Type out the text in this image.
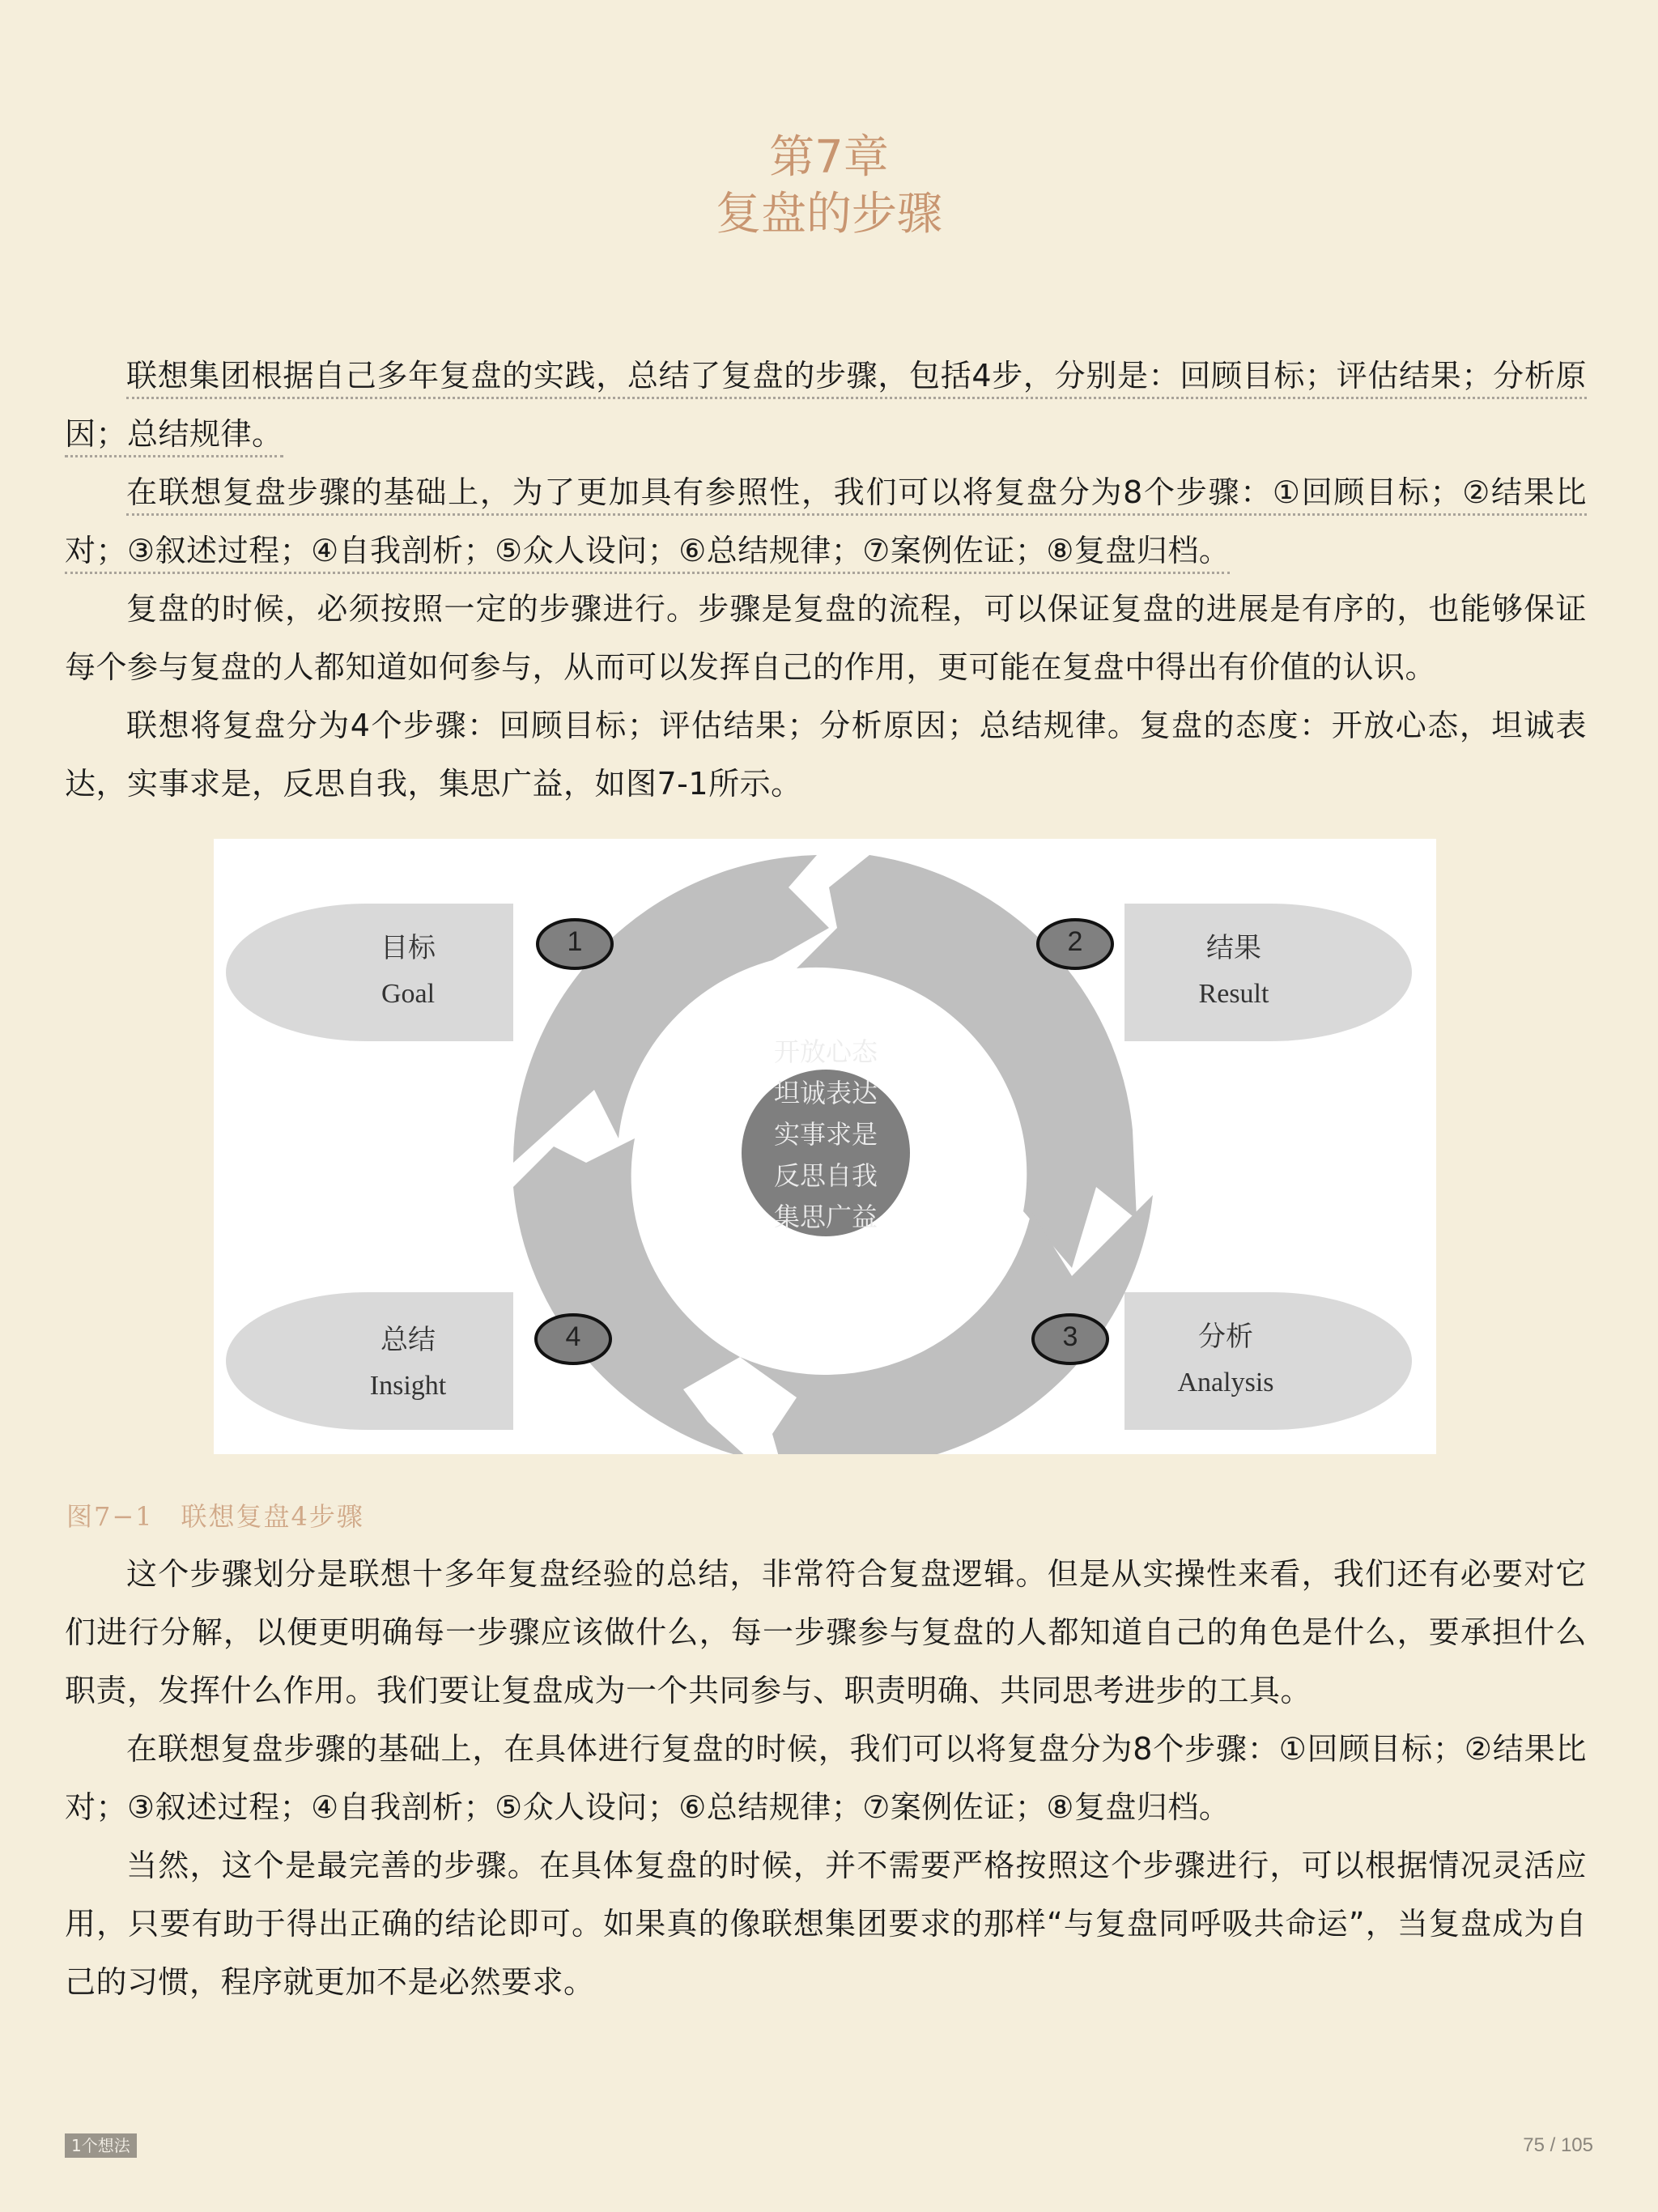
第7章
复盘的步骤

联想集团根据自己多年复盘的实践，总结了复盘的步骤，包括4步，分别是：回顾目标；评估结果；分析原因；总结规律。

在联想复盘步骤的基础上，为了更加具有参照性，我们可以将复盘分为8个步骤：①回顾目标；②结果比对；③叙述过程；④自我剖析；⑤众人设问；⑥总结规律；⑦案例佐证；⑧复盘归档。

复盘的时候，必须按照一定的步骤进行。步骤是复盘的流程，可以保证复盘的进展是有序的，也能够保证每个参与复盘的人都知道如何参与，从而可以发挥自己的作用，更可能在复盘中得出有价值的认识。

联想将复盘分为4个步骤：回顾目标；评估结果；分析原因；总结规律。复盘的态度：开放心态，坦诚表达，实事求是，反思自我，集思广益，如图7-1所示。

1	2
3
4
目标
Goal
结果
Result
分析
Analysis
总结
Insight
开放心态
坦诚表达
实事求是
反思自我
集思广益
图7−1 联想复盘4步骤

这个步骤划分是联想十多年复盘经验的总结，非常符合复盘逻辑。但是从实操性来看，我们还有必要对它们进行分解，以便更明确每一步骤应该做什么，每一步骤参与复盘的人都知道自己的角色是什么，要承担什么职责，发挥什么作用。我们要让复盘成为一个共同参与、职责明确、共同思考进步的工具。

在联想复盘步骤的基础上，在具体进行复盘的时候，我们可以将复盘分为8个步骤：①回顾目标；②结果比对；③叙述过程；④自我剖析；⑤众人设问；⑥总结规律；⑦案例佐证；⑧复盘归档。

当然，这个是最完善的步骤。在具体复盘的时候，并不需要严格按照这个步骤进行，可以根据情况灵活应用，只要有助于得出正确的结论即可。如果真的像联想集团要求的那样“与复盘同呼吸共命运”，当复盘成为自己的习惯，程序就更加不是必然要求。

1个想法	75 / 105
